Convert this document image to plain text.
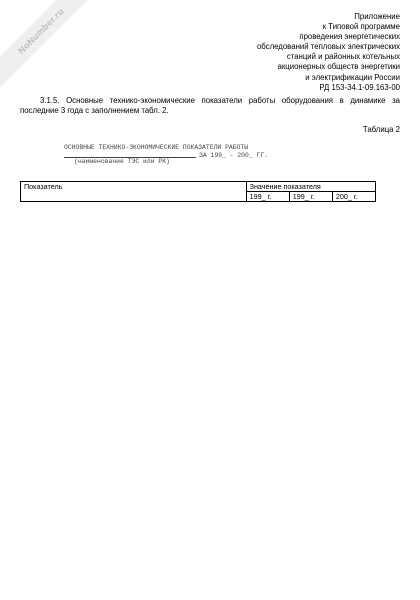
NoNumber.ru	Приложение
к Типовой программе
проведения энергетических
обследований тепловых электрических
станций и районных котельных
акционерных обществ энергетики
и электрификации России
РД 153-34.1-09.163-00
3.1.5. Основные технико-экономические показатели работы оборудования в динамике за последние 3 года с заполнением табл. 2.
Таблица 2
ОСНОВНЫЕ ТЕХНИКО-ЭКОНОМИЧЕСКИЕ ПОКАЗАТЕЛИ РАБОТЫ
ЗА 199_ - 200_ ГГ.
(наименование ТЭС или РК)
Показатель	Значение показателя		
	199_ г.	199_ г.	200_ г.
